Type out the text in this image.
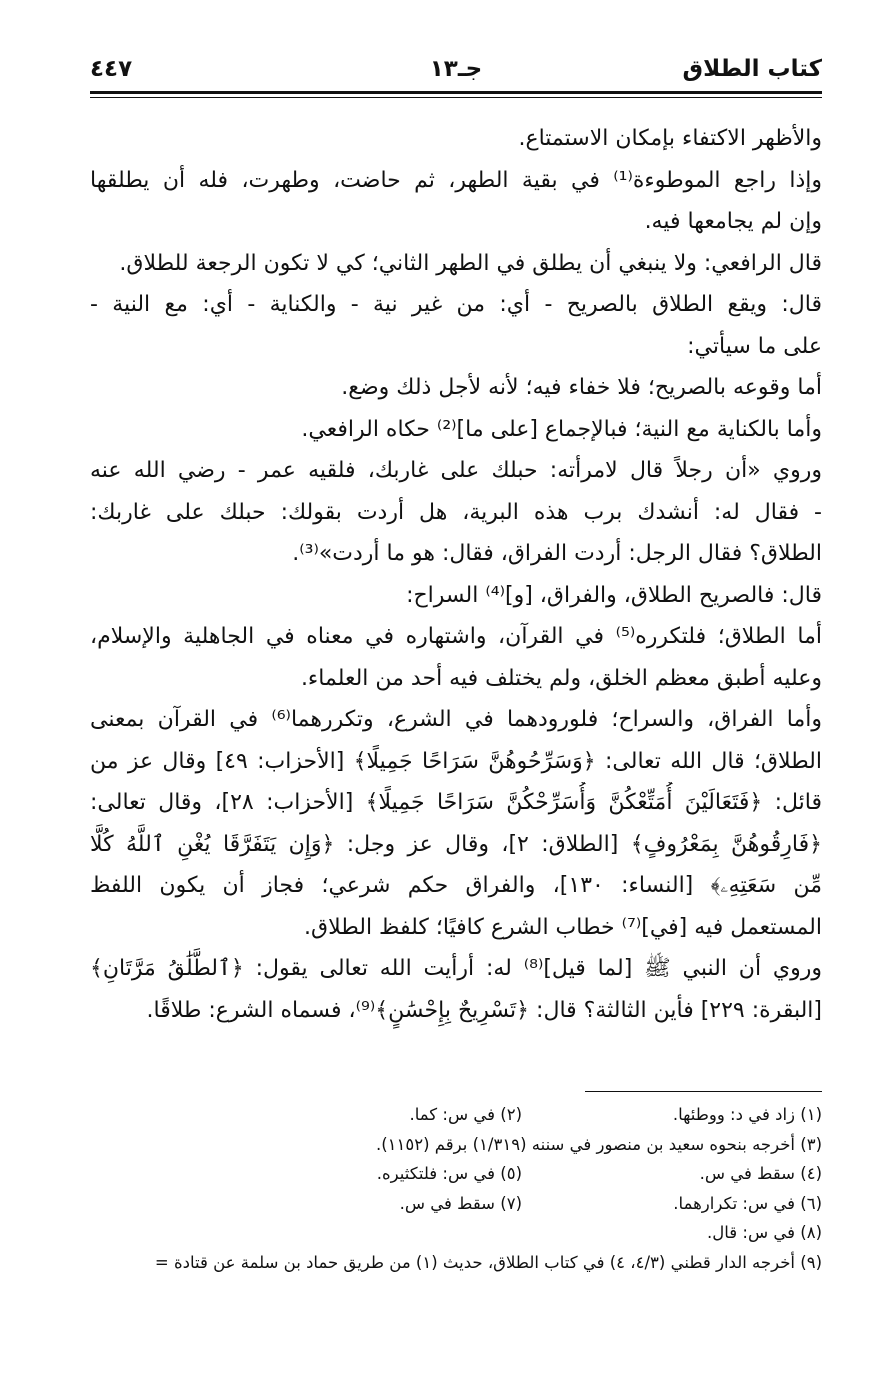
كتاب الطلاق
جـ١٣
٤٤٧
والأظهر الاكتفاء بإمكان الاستمتاع.
وإذا راجع الموطوءة⁽¹⁾ في بقية الطهر، ثم حاضت، وطهرت، فله أن يطلقها
وإن لم يجامعها فيه.
قال الرافعي: ولا ينبغي أن يطلق في الطهر الثاني؛ كي لا تكون الرجعة للطلاق.
قال: ويقع الطلاق بالصريح - أي: من غير نية - والكناية - أي: مع النية -
على ما سيأتي:
أما وقوعه بالصريح؛ فلا خفاء فيه؛ لأنه لأجل ذلك وضع.
وأما بالكناية مع النية؛ فبالإجماع [على ما]⁽²⁾ حكاه الرافعي.
وروي «أن رجلاً قال لامرأته: حبلك على غاربك، فلقيه عمر - رضي الله عنه
- فقال له: أنشدك برب هذه البرية، هل أردت بقولك: حبلك على غاربك:
الطلاق؟ فقال الرجل: أردت الفراق، فقال: هو ما أردت»⁽³⁾.
قال: فالصريح الطلاق، والفراق، [و]⁽⁴⁾ السراح:
أما الطلاق؛ فلتكرره⁽⁵⁾ في القرآن، واشتهاره في معناه في الجاهلية والإسلام،
وعليه أطبق معظم الخلق، ولم يختلف فيه أحد من العلماء.
وأما الفراق، والسراح؛ فلورودهما في الشرع، وتكررهما⁽⁶⁾ في القرآن بمعنى
الطلاق؛ قال الله تعالى: ﴿وَسَرِّحُوهُنَّ سَرَاحًا جَمِيلًا﴾ [الأحزاب: ٤٩] وقال عز من
قائل: ﴿فَتَعَالَيْنَ أُمَتِّعْكُنَّ وَأُسَرِّحْكُنَّ سَرَاحًا جَمِيلًا﴾ [الأحزاب: ٢٨]، وقال تعالى:
﴿فَارِقُوهُنَّ بِمَعْرُوفٍ﴾ [الطلاق: ٢]، وقال عز وجل: ﴿وَإِن يَتَفَرَّقَا يُغْنِ ٱللَّهُ كُلًّا
مِّن سَعَتِهِۦ﴾ [النساء: ١٣٠]، والفراق حكم شرعي؛ فجاز أن يكون اللفظ
المستعمل فيه [في]⁽⁷⁾ خطاب الشرع كافيًا؛ كلفظ الطلاق.
وروي أن النبي ﷺ [لما قيل]⁽⁸⁾ له: أرأيت الله تعالى يقول: ﴿ٱلطَّلَٰقُ مَرَّتَانِ﴾
[البقرة: ٢٢٩] فأين الثالثة؟ قال: ﴿تَسْرِيحٌ بِإِحْسَٰنٍ﴾⁽⁹⁾، فسماه الشرع: طلاقًا.
(١) زاد في د: ووطئها.(٢) في س: كما.
(٣) أخرجه بنحوه سعيد بن منصور في سننه (١/٣١٩) برقم (١١٥٢).
(٤) سقط في س.(٥) في س: فلتكثيره.
(٦) في س: تكرارهما.(٧) سقط في س.
(٨) في س: قال.
(٩) أخرجه الدار قطني (٤/٣، ٤) في كتاب الطلاق، حديث (١) من طريق حماد بن سلمة عن قتادة =
